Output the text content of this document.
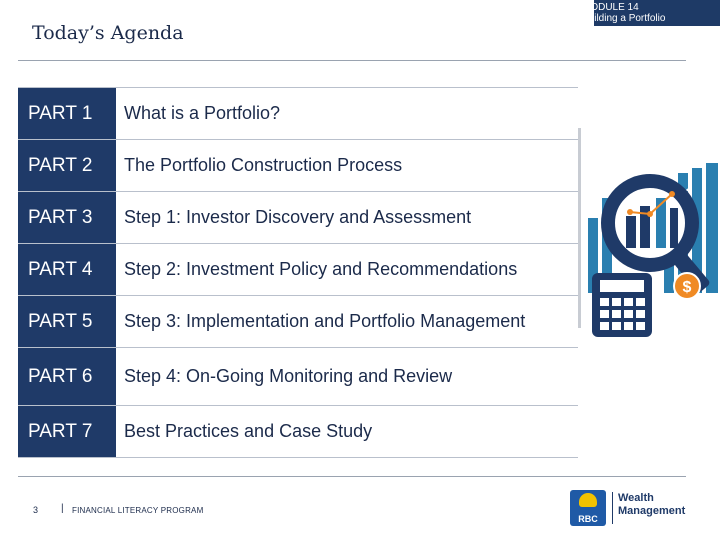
MODULE 14
Building a Portfolio
Today’s Agenda
PART 1	What is a Portfolio?
PART 2	The Portfolio Construction Process
PART 3	Step 1: Investor Discovery and Assessment
PART 4	Step 2: Investment Policy and Recommendations
PART 5	Step 3: Implementation and Portfolio Management
PART 6	Step 4: On-Going Monitoring and Review
PART 7	Best Practices and Case Study
$
3 | FINANCIAL LITERACY PROGRAM
RBC
Wealth
Management
